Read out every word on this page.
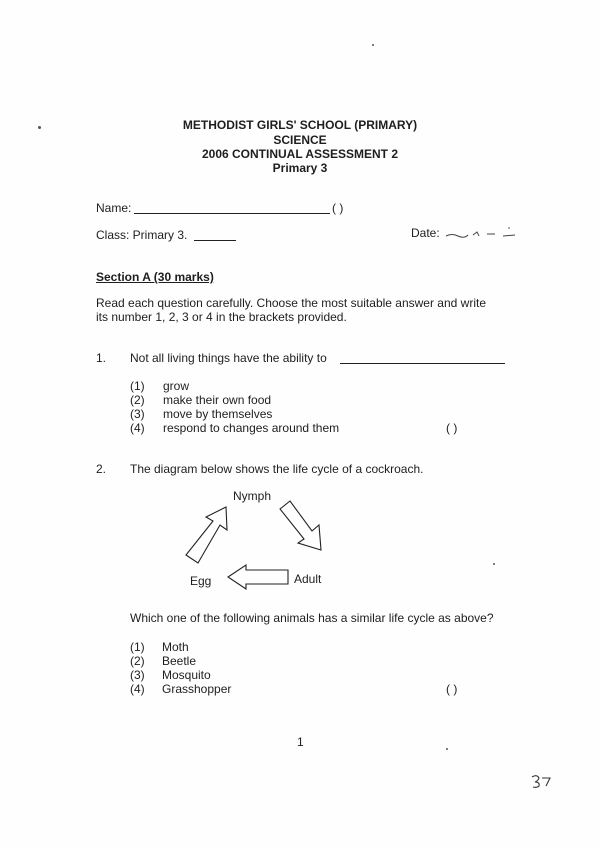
METHODIST GIRLS' SCHOOL (PRIMARY)
SCIENCE
2006 CONTINUAL ASSESSMENT 2
Primary 3
Name:	( )
Class: Primary 3.	Date:
Section A (30 marks)
Read each question carefully. Choose the most suitable answer and write
its number 1, 2, 3 or 4 in the brackets provided.
1. Not all living things have the ability to
(1) grow
(2) make their own food
(3) move by themselves
(4) respond to changes around them	( )
2. The diagram below shows the life cycle of a cockroach.
Nymph
Adult
Egg
Which one of the following animals has a similar life cycle as above?
(1) Moth
(2) Beetle
(3) Mosquito
(4) Grasshopper	( )
1
